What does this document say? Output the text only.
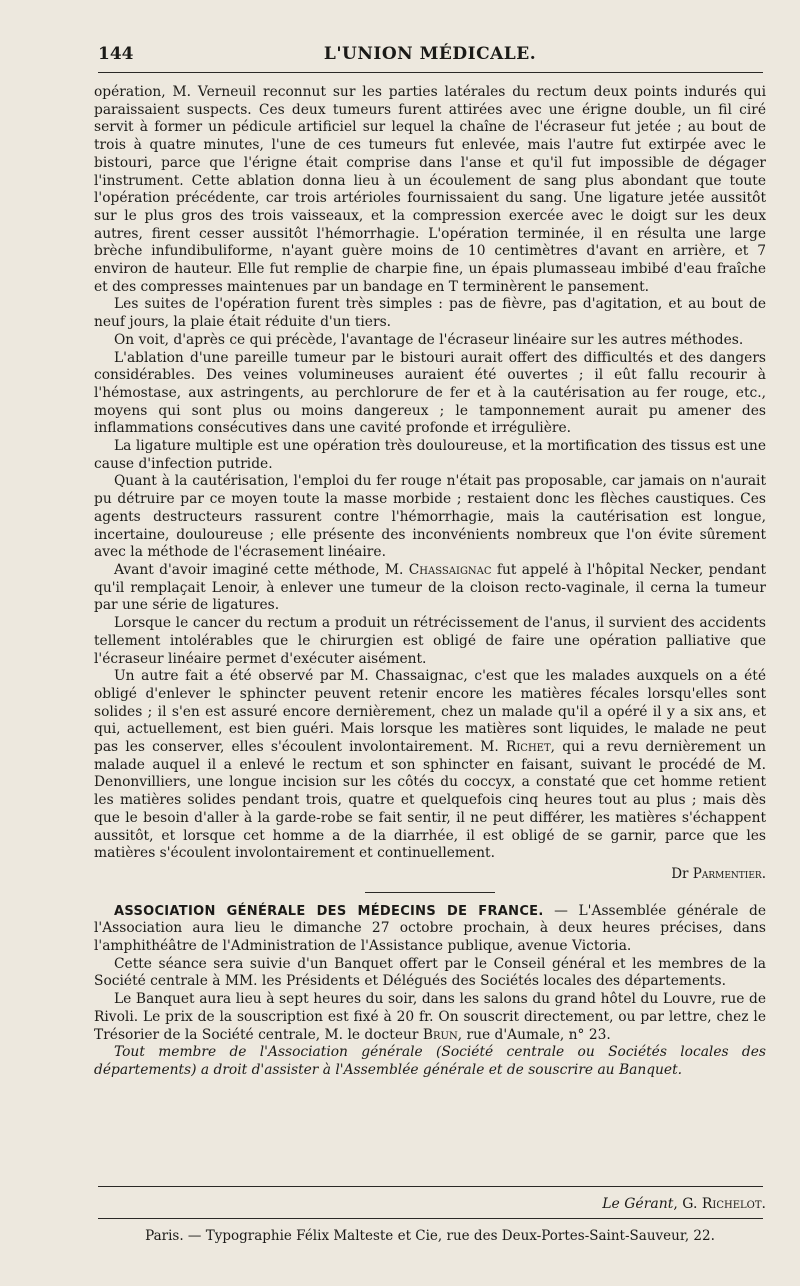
144	L'UNION MÉDICALE.

opération, M. Verneuil reconnut sur les parties latérales du rectum deux points indurés qui paraissaient suspects. Ces deux tumeurs furent attirées avec une érigne double, un fil ciré servit à former un pédicule artificiel sur lequel la chaîne de l'écraseur fut jetée ; au bout de trois à quatre minutes, l'une de ces tumeurs fut enlevée, mais l'autre fut extirpée avec le bistouri, parce que l'érigne était comprise dans l'anse et qu'il fut impossible de dégager l'instrument. Cette ablation donna lieu à un écoulement de sang plus abondant que toute l'opération précédente, car trois artérioles fournissaient du sang. Une ligature jetée aussitôt sur le plus gros des trois vaisseaux, et la compression exercée avec le doigt sur les deux autres, firent cesser aussitôt l'hémorrhagie. L'opération terminée, il en résulta une large brèche infundibuliforme, n'ayant guère moins de 10 centimètres d'avant en arrière, et 7 environ de hauteur. Elle fut remplie de charpie fine, un épais plumasseau imbibé d'eau fraîche et des compresses maintenues par un bandage en T terminèrent le pansement.

Les suites de l'opération furent très simples : pas de fièvre, pas d'agitation, et au bout de neuf jours, la plaie était réduite d'un tiers.

On voit, d'après ce qui précède, l'avantage de l'écraseur linéaire sur les autres méthodes.

L'ablation d'une pareille tumeur par le bistouri aurait offert des difficultés et des dangers considérables. Des veines volumineuses auraient été ouvertes ; il eût fallu recourir à l'hémostase, aux astringents, au perchlorure de fer et à la cautérisation au fer rouge, etc., moyens qui sont plus ou moins dangereux ; le tamponnement aurait pu amener des inflammations consécutives dans une cavité profonde et irrégulière.

La ligature multiple est une opération très douloureuse, et la mortification des tissus est une cause d'infection putride.

Quant à la cautérisation, l'emploi du fer rouge n'était pas proposable, car jamais on n'aurait pu détruire par ce moyen toute la masse morbide ; restaient donc les flèches caustiques. Ces agents destructeurs rassurent contre l'hémorrhagie, mais la cautérisation est longue, incertaine, douloureuse ; elle présente des inconvénients nombreux que l'on évite sûrement avec la méthode de l'écrasement linéaire.

Avant d'avoir imaginé cette méthode, M. Chassaignac fut appelé à l'hôpital Necker, pendant qu'il remplaçait Lenoir, à enlever une tumeur de la cloison recto-vaginale, il cerna la tumeur par une série de ligatures.

Lorsque le cancer du rectum a produit un rétrécissement de l'anus, il survient des accidents tellement intolérables que le chirurgien est obligé de faire une opération palliative que l'écraseur linéaire permet d'exécuter aisément.

Un autre fait a été observé par M. Chassaignac, c'est que les malades auxquels on a été obligé d'enlever le sphincter peuvent retenir encore les matières fécales lorsqu'elles sont solides ; il s'en est assuré encore dernièrement, chez un malade qu'il a opéré il y a six ans, et qui, actuellement, est bien guéri. Mais lorsque les matières sont liquides, le malade ne peut pas les conserver, elles s'écoulent involontairement. M. Richet, qui a revu dernièrement un malade auquel il a enlevé le rectum et son sphincter en faisant, suivant le procédé de M. Denonvilliers, une longue incision sur les côtés du coccyx, a constaté que cet homme retient les matières solides pendant trois, quatre et quelquefois cinq heures tout au plus ; mais dès que le besoin d'aller à la garde-robe se fait sentir, il ne peut différer, les matières s'échappent aussitôt, et lorsque cet homme a de la diarrhée, il est obligé de se garnir, parce que les matières s'écoulent involontairement et continuellement.

Dr Parmentier.

ASSOCIATION GÉNÉRALE DES MÉDECINS DE FRANCE. — L'Assemblée générale de l'Association aura lieu le dimanche 27 octobre prochain, à deux heures précises, dans l'amphithéâtre de l'Administration de l'Assistance publique, avenue Victoria.

Cette séance sera suivie d'un Banquet offert par le Conseil général et les membres de la Société centrale à MM. les Présidents et Délégués des Sociétés locales des départements.

Le Banquet aura lieu à sept heures du soir, dans les salons du grand hôtel du Louvre, rue de Rivoli. Le prix de la souscription est fixé à 20 fr. On souscrit directement, ou par lettre, chez le Trésorier de la Société centrale, M. le docteur Brun, rue d'Aumale, n° 23.

Tout membre de l'Association générale (Société centrale ou Sociétés locales des départements) a droit d'assister à l'Assemblée générale et de souscrire au Banquet.

Le Gérant, G. Richelot.
Paris. — Typographie Félix Malteste et Cie, rue des Deux-Portes-Saint-Sauveur, 22.
